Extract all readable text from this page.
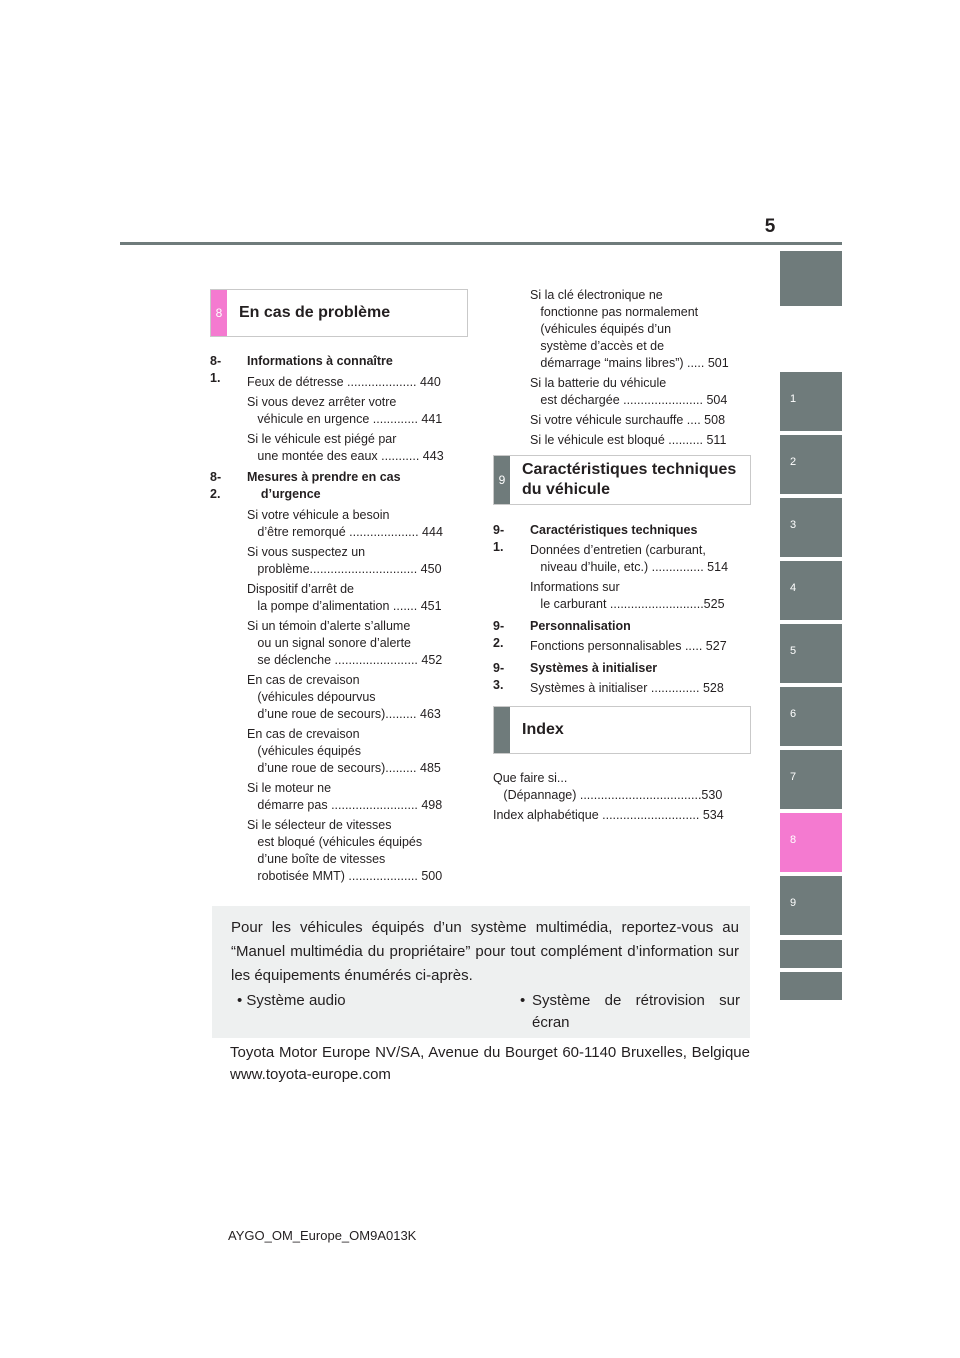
5
1
2
3
4
5
6
7
8
9
8 En cas de problème
8-1.
Informations à connaître
Feux de détresse .................... 440
Si vous devez arrêter votre
véhicule en urgence ............. 441
Si le véhicule est piégé par
une montée des eaux ........... 443
8-2.
Mesures à prendre en cas
d’urgence
Si votre véhicule a besoin
d’être remorqué .................... 444
Si vous suspectez un
problème............................... 450
Dispositif d’arrêt de
la pompe d’alimentation ....... 451
Si un témoin d’alerte s’allume
ou un signal sonore d’alerte
se déclenche ........................ 452
En cas de crevaison
(véhicules dépourvus
d’une roue de secours)......... 463
En cas de crevaison
(véhicules équipés
d’une roue de secours)......... 485
Si le moteur ne
démarre pas ......................... 498
Si le sélecteur de vitesses
est bloqué (véhicules équipés
d’une boîte de vitesses
robotisée MMT) .................... 500
Si la clé électronique ne
fonctionne pas normalement
(véhicules équipés d’un
système d’accès et de
démarrage “mains libres”) ..... 501
Si la batterie du véhicule
est déchargée ....................... 504
Si votre véhicule surchauffe .... 508
Si le véhicule est bloqué .......... 511
9
Caractéristiques techniques
du véhicule
9-1.
Caractéristiques techniques
Données d’entretien (carburant,
niveau d’huile, etc.) ............... 514
Informations sur
le carburant ...........................525
9-2.
Personnalisation
Fonctions personnalisables ..... 527
9-3.
Systèmes à initialiser
Systèmes à initialiser .............. 528
Index
Que faire si...
(Dépannage) ...................................530
Index alphabétique ............................ 534

Pour les véhicules équipés d’un système multimédia, reportez-vous au “Manuel multimédia du propriétaire” pour tout complément d’information sur les équipements énumérés ci-après.

• Système audio	• Système de rétrovision sur écran
Toyota Motor Europe NV/SA, Avenue du Bourget 60-1140 Bruxelles, Belgique www.toyota-europe.com
AYGO_OM_Europe_OM9A013K
